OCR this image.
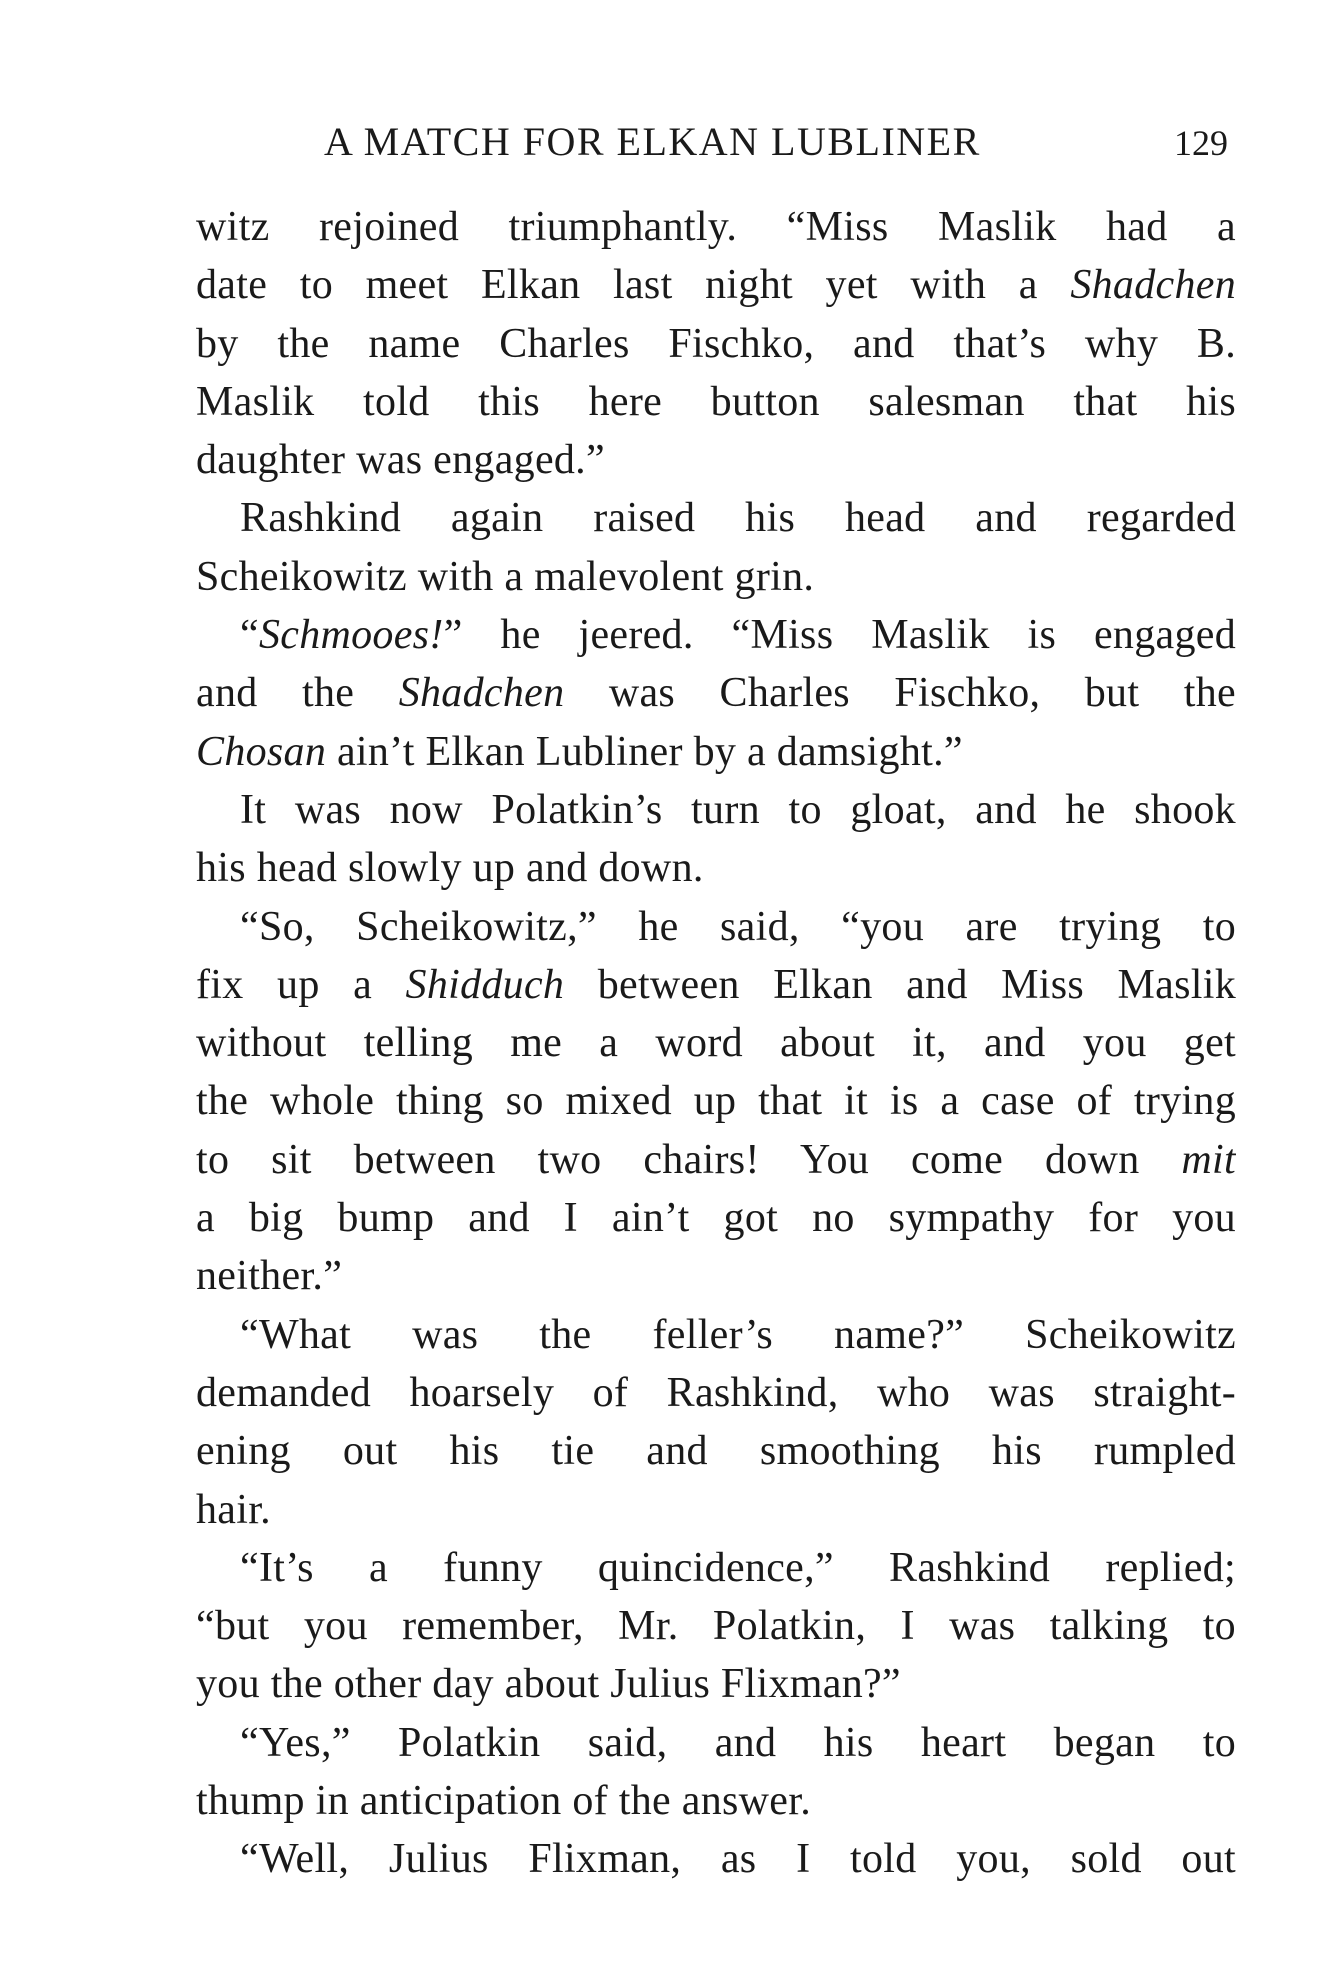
A MATCH FOR ELKAN LUBLINER	129
witz rejoined triumphantly. “Miss Maslik had a
date to meet Elkan last night yet with a Shadchen
by the name Charles Fischko, and that’s why B.
Maslik told this here button salesman that his
daughter was engaged.”
Rashkind again raised his head and regarded
Scheikowitz with a malevolent grin.
“Schmooes!” he jeered. “Miss Maslik is engaged
and the Shadchen was Charles Fischko, but the
Chosan ain’t Elkan Lubliner by a damsight.”
It was now Polatkin’s turn to gloat, and he shook
his head slowly up and down.
“So, Scheikowitz,” he said, “you are trying to
fix up a Shidduch between Elkan and Miss Maslik
without telling me a word about it, and you get
the whole thing so mixed up that it is a case of trying
to sit between two chairs! You come down mit
a big bump and I ain’t got no sympathy for you
neither.”
“What was the feller’s name?” Scheikowitz
demanded hoarsely of Rashkind, who was straight-
ening out his tie and smoothing his rumpled
hair.
“It’s a funny quincidence,” Rashkind replied;
“but you remember, Mr. Polatkin, I was talking to
you the other day about Julius Flixman?”
“Yes,” Polatkin said, and his heart began to
thump in anticipation of the answer.
“Well, Julius Flixman, as I told you, sold out
